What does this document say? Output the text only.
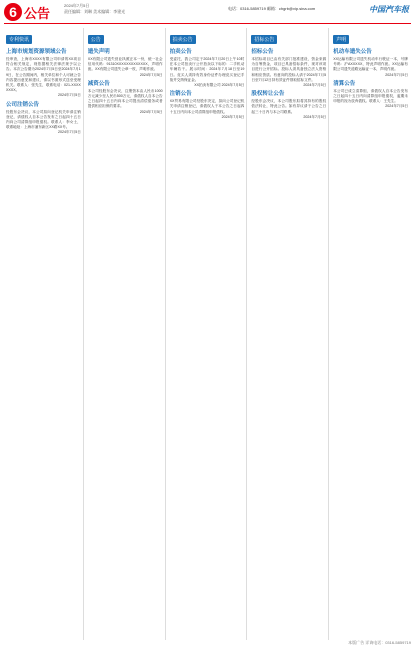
6 公告
2024年7月5日
责任编辑：刘琳 美术编辑：李建光
电话：0316-5859719 邮箱：chgrb@vip.sina.com	中国汽车报
专利快讯
上海市规划资源领域公告

经审查，上海市XXXX有限公司申请的XX项目符合相关规定，现依据相关法律法规予以公告。本次公告期为2024年7月5日至2024年7月19日，在公告期间内，相关单位和个人可就公告内容提出意见和建议，请以书面形式送至受理机关。联系人：张先生，联系电话：021-XXXXXXXX。

2024年7月5日
公司注销公告

经股东会决议，本公司拟向登记机关申请注销登记，请债权人自本公告发布之日起四十五日内向公司清算组申报债权。联系人：李女士，联系地址：上海市浦东新区XX路XX号。

2024年7月5日
公告
遗失声明

XX有限公司遗失营业执照正本一份，统一社会信用代码：91310XXXXXXXXXXXXX，声明作废。XX有限公司遗失公章一枚，声明作废。

2024年7月5日
减资公告

本公司经股东会决议，注册资本由人民币1000万元减少至人民币500万元，请债权人自本公告之日起四十五日内向本公司提出清偿债务或者提供相应担保的要求。

2024年7月5日
拍卖公告
拍卖公告

受委托，我公司定于2024年7月20日上午10时在本公司拍卖厅公开拍卖以下标的：二手机动车辆若干。展示时间：2024年7月18日至19日。竞买人须持有效身份证件办理竞买登记手续并交纳保证金。

XX拍卖有限公司 2024年7月5日
注销公告

XX贸易有限公司经股东决定，拟向公司登记机关申请注销登记，请债权人于本公告之日起四十五日内向本公司清算组申报债权。

2024年7月5日
招标公告
招标公告

本招标项目已由有关部门批准建设，资金来源为自筹资金，项目已具备招标条件，现对该项目进行公开招标。投标人须具备独立法人资格和相应资质。有意向的投标人请于2024年7月5日至7月12日持有效证件领取招标文件。

2024年7月5日
股权转让公告

经股东会决议，本公司股东拟将其持有的股权依法转让，特此公告。如有异议请于公告之日起三十日内与本公司联系。

2024年7月5日
声明
机动车遗失公告

XX运输有限公司遗失机动车行驶证一本，号牌号码：沪AXXXXX，特此声明作废。XX运输有限公司遗失道路运输证一本，声明作废。

2024年7月5日
清算公告

本公司已成立清算组，请债权人自本公告发布之日起四十五日内向清算组申报债权，逾期未申报的视为放弃债权。联系人：王先生。

2024年7月5日
本版广告 详询电话：0316-5859719
